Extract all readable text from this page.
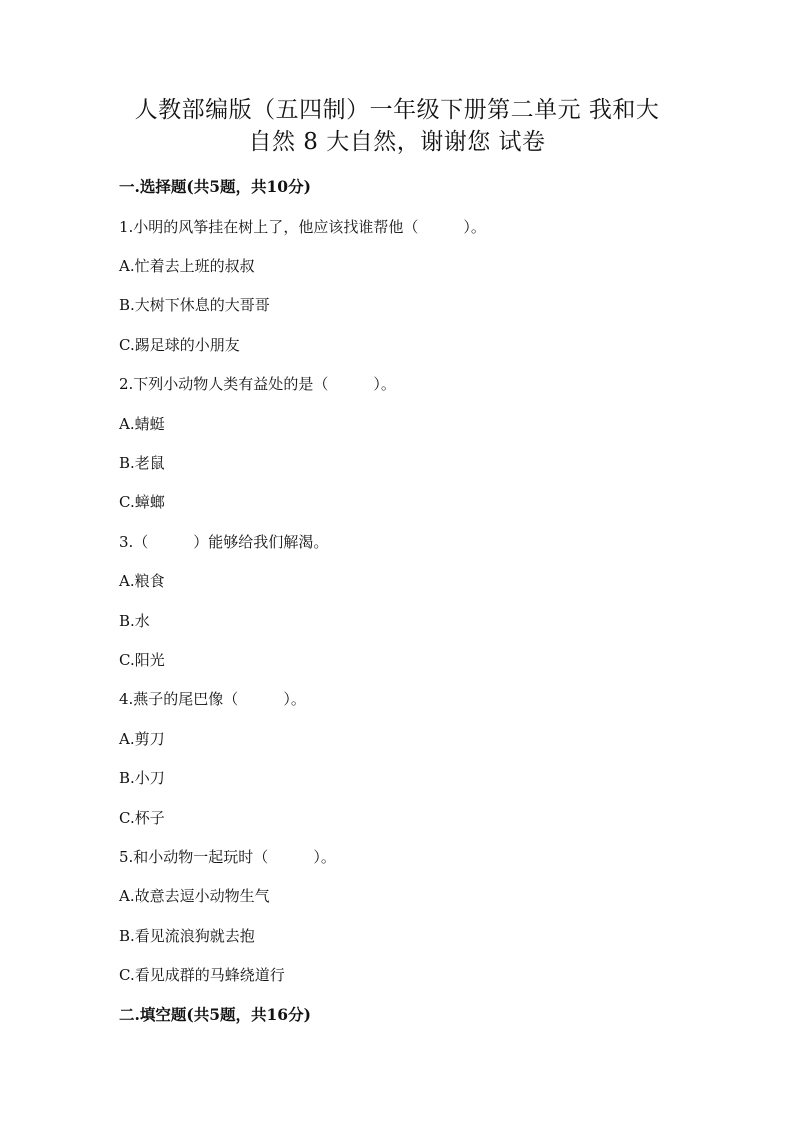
人教部编版（五四制）一年级下册第二单元 我和大
自然 8 大自然，谢谢您 试卷
一.选择题(共5题，共10分)
1.小明的风筝挂在树上了，他应该找谁帮他（　　　）。
A.忙着去上班的叔叔
B.大树下休息的大哥哥
C.踢足球的小朋友
2.下列小动物人类有益处的是（　　　）。
A.蜻蜓
B.老鼠
C.蟑螂
3.（　　　）能够给我们解渴。
A.粮食
B.水
C.阳光
4.燕子的尾巴像（　　　）。
A.剪刀
B.小刀
C.杯子
5.和小动物一起玩时（　　　）。
A.故意去逗小动物生气
B.看见流浪狗就去抱
C.看见成群的马蜂绕道行
二.填空题(共5题，共16分)
